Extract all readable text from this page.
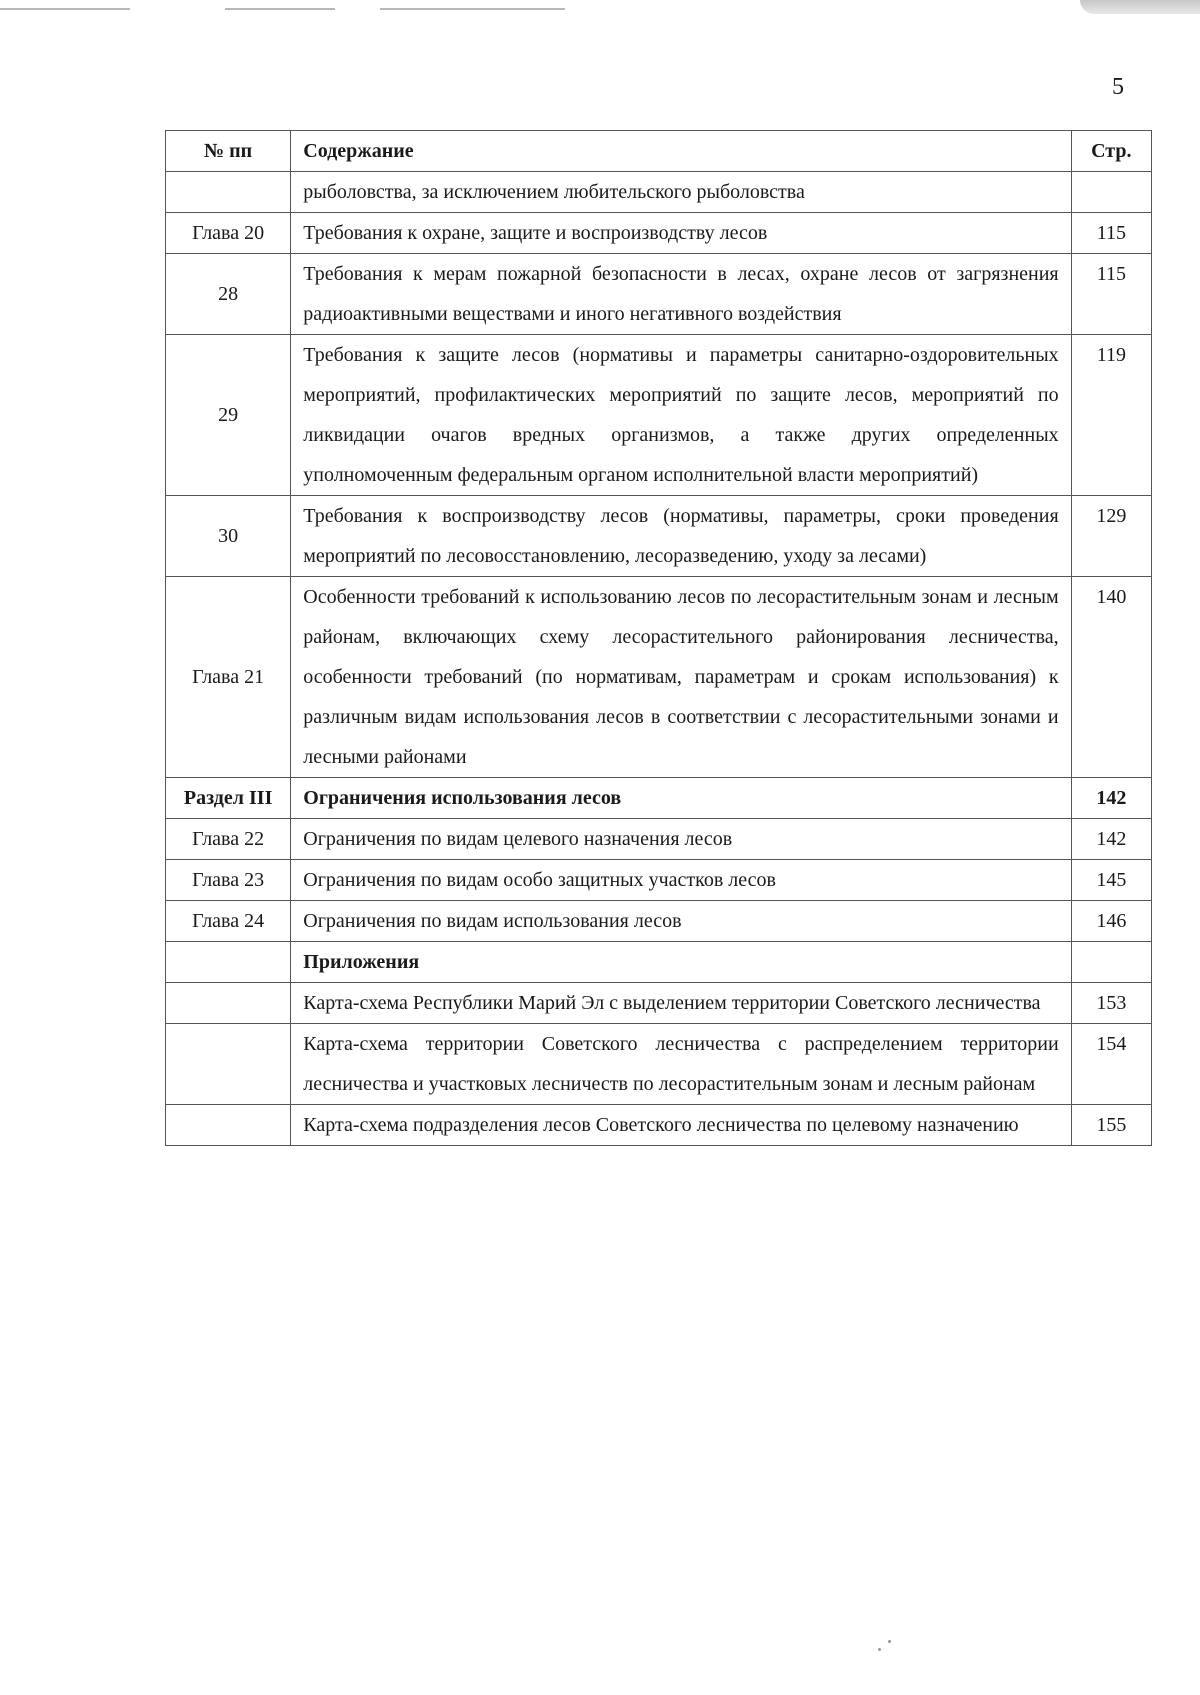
5
№ пп	Содержание	Стр.
	рыболовства, за исключением любительского рыболовства	
Глава 20	Требования к охране, защите и воспроизводству лесов	115
28	Требования к мерам пожарной безопасности в лесах, охране лесов от загрязнения радиоактивными веществами и иного негативного воздействия	115
29	Требования к защите лесов (нормативы и параметры санитарно-оздоровительных мероприятий, профилактических мероприятий по защите лесов, мероприятий по ликвидации очагов вредных организмов, а также других определенных уполномоченным федеральным органом исполнительной власти мероприятий)	119
30	Требования к воспроизводству лесов (нормативы, параметры, сроки проведения мероприятий по лесовосстановлению, лесоразведению, уходу за лесами)	129
Глава 21	Особенности требований к использованию лесов по лесорастительным зонам и лесным районам, включающих схему лесорастительного районирования лесничества, особенности требований (по нормативам, параметрам и срокам использования) к различным видам использования лесов в соответствии с лесорастительными зонами и лесными районами	140
Раздел III	Ограничения использования лесов	142
Глава 22	Ограничения по видам целевого назначения лесов	142
Глава 23	Ограничения по видам особо защитных участков лесов	145
Глава 24	Ограничения по видам использования лесов	146
	Приложения	
	Карта-схема Республики Марий Эл с выделением территории Советского лесничества	153
	Карта-схема территории Советского лесничества с распределением территории лесничества и участковых лесничеств по лесорастительным зонам и лесным районам	154
	Карта-схема подразделения лесов Советского лесничества по целевому назначению	155
